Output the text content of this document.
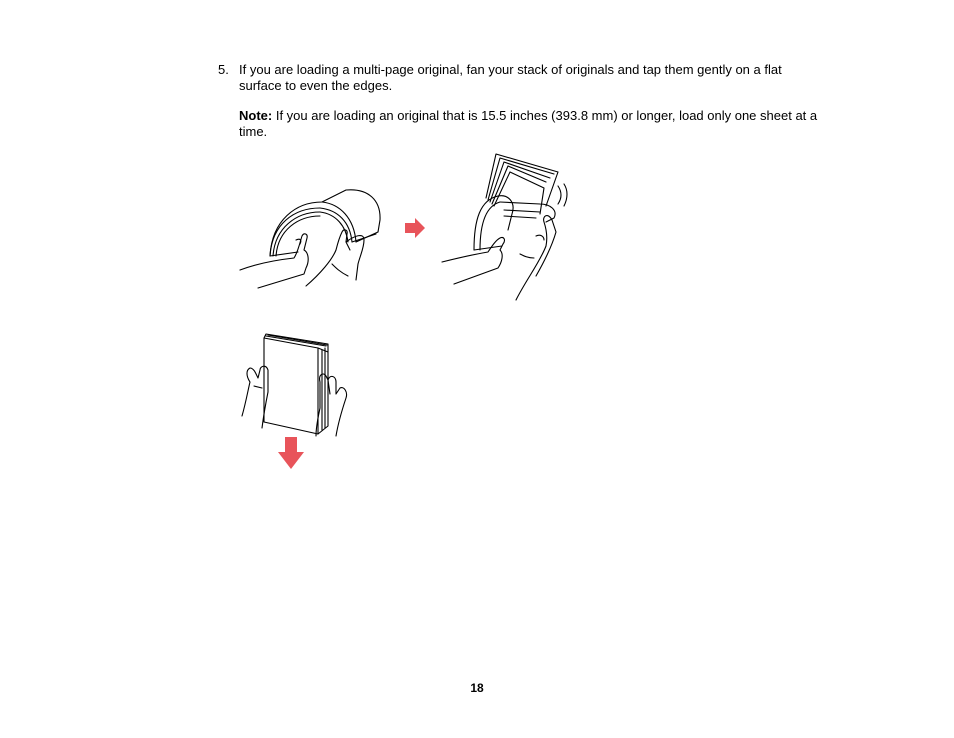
5. If you are loading a multi-page original, fan your stack of originals and tap them gently on a flat surface to even the edges.
Note: If you are loading an original that is 15.5 inches (393.8 mm) or longer, load only one sheet at a time.
18
